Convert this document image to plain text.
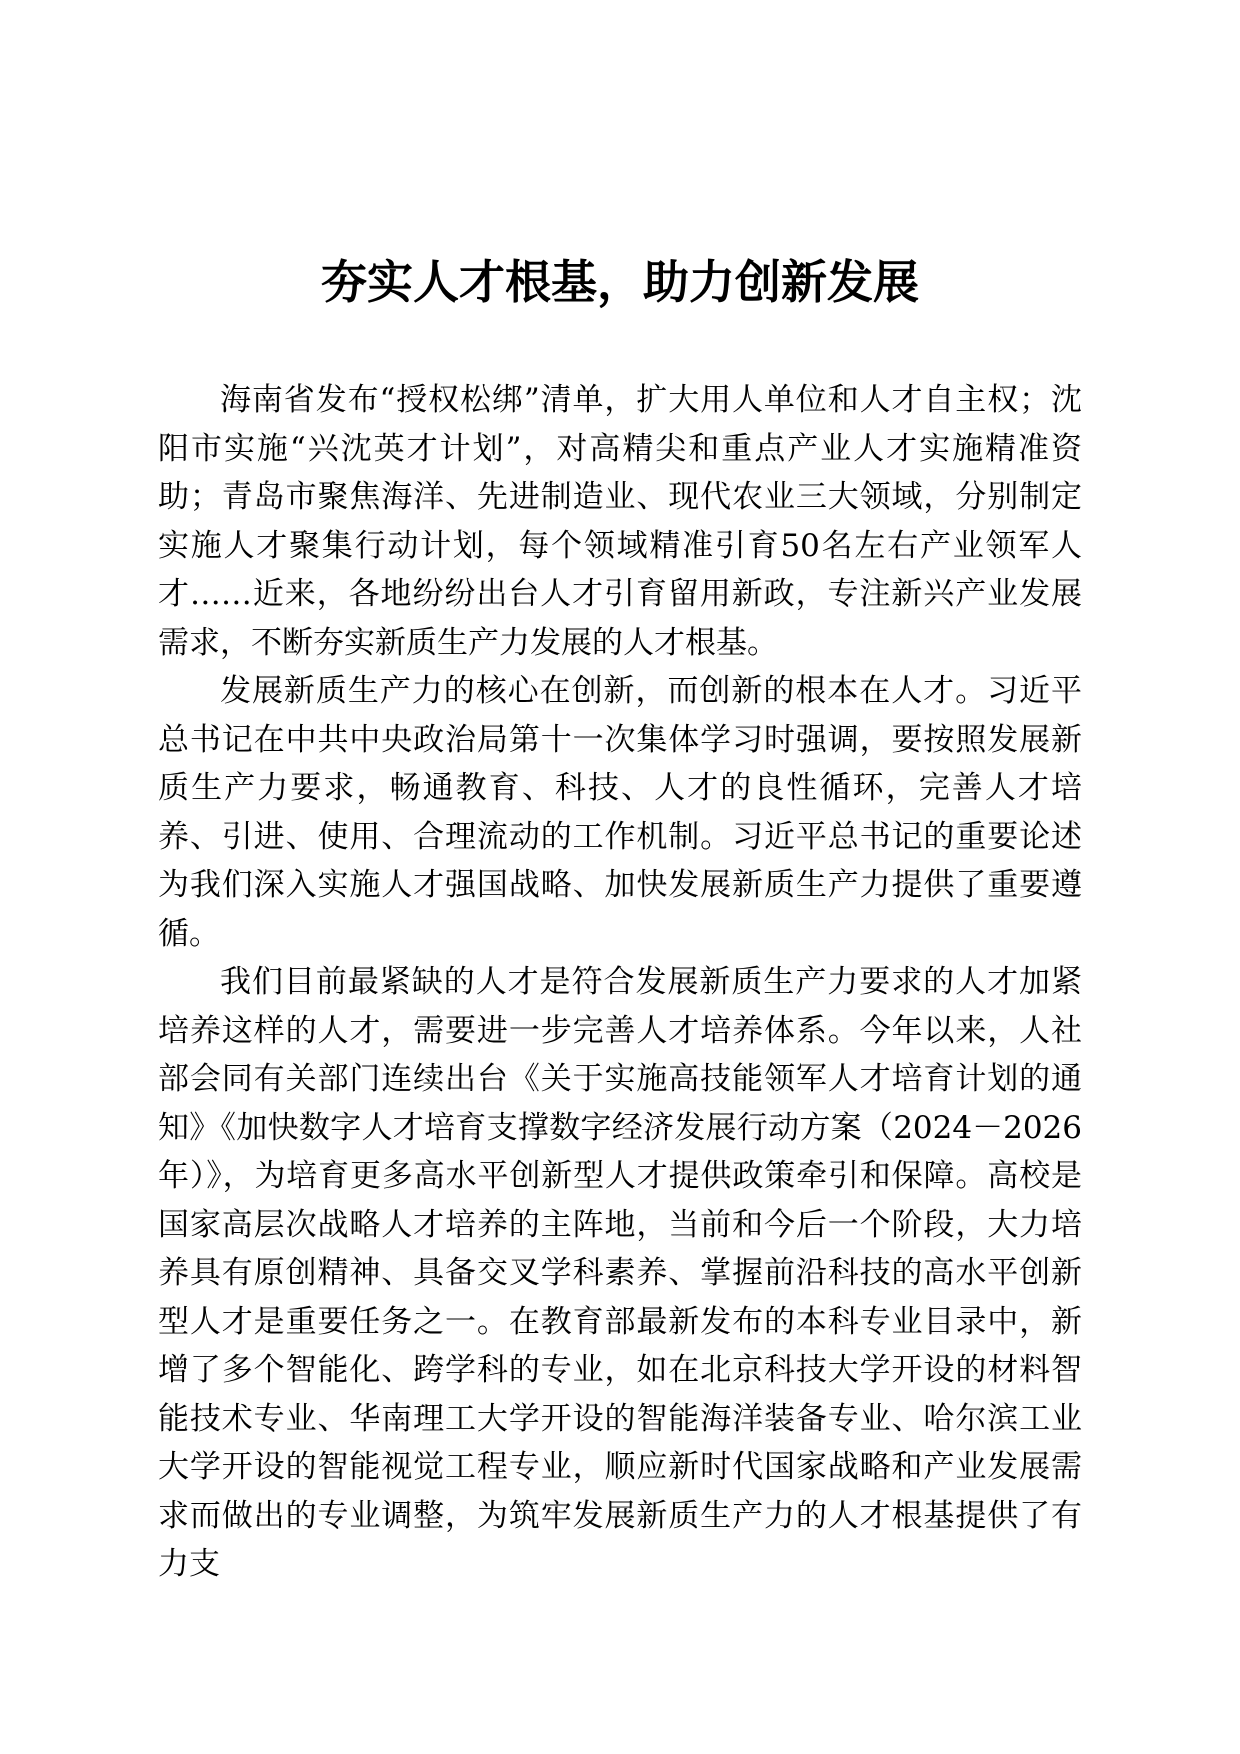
夯实人才根基，助力创新发展

海南省发布“授权松绑”清单，扩大用人单位和人才自主权；沈阳市实施“兴沈英才计划”，对高精尖和重点产业人才实施精准资助；青岛市聚焦海洋、先进制造业、现代农业三大领域，分别制定实施人才聚集行动计划，每个领域精准引育50名左右产业领军人才……近来，各地纷纷出台人才引育留用新政，专注新兴产业发展需求，不断夯实新质生产力发展的人才根基。

发展新质生产力的核心在创新，而创新的根本在人才。习近平总书记在中共中央政治局第十一次集体学习时强调，要按照发展新质生产力要求，畅通教育、科技、人才的良性循环，完善人才培养、引进、使用、合理流动的工作机制。习近平总书记的重要论述为我们深入实施人才强国战略、加快发展新质生产力提供了重要遵循。

我们目前最紧缺的人才是符合发展新质生产力要求的人才加紧培养这样的人才，需要进一步完善人才培养体系。今年以来，人社部会同有关部门连续出台《关于实施高技能领军人才培育计划的通知》《加快数字人才培育支撑数字经济发展行动方案（2024－2026年）》，为培育更多高水平创新型人才提供政策牵引和保障。高校是国家高层次战略人才培养的主阵地，当前和今后一个阶段，大力培养具有原创精神、具备交叉学科素养、掌握前沿科技的高水平创新型人才是重要任务之一。在教育部最新发布的本科专业目录中，新增了多个智能化、跨学科的专业，如在北京科技大学开设的材料智能技术专业、华南理工大学开设的智能海洋装备专业、哈尔滨工业大学开设的智能视觉工程专业，顺应新时代国家战略和产业发展需求而做出的专业调整，为筑牢发展新质生产力的人才根基提供了有力支
